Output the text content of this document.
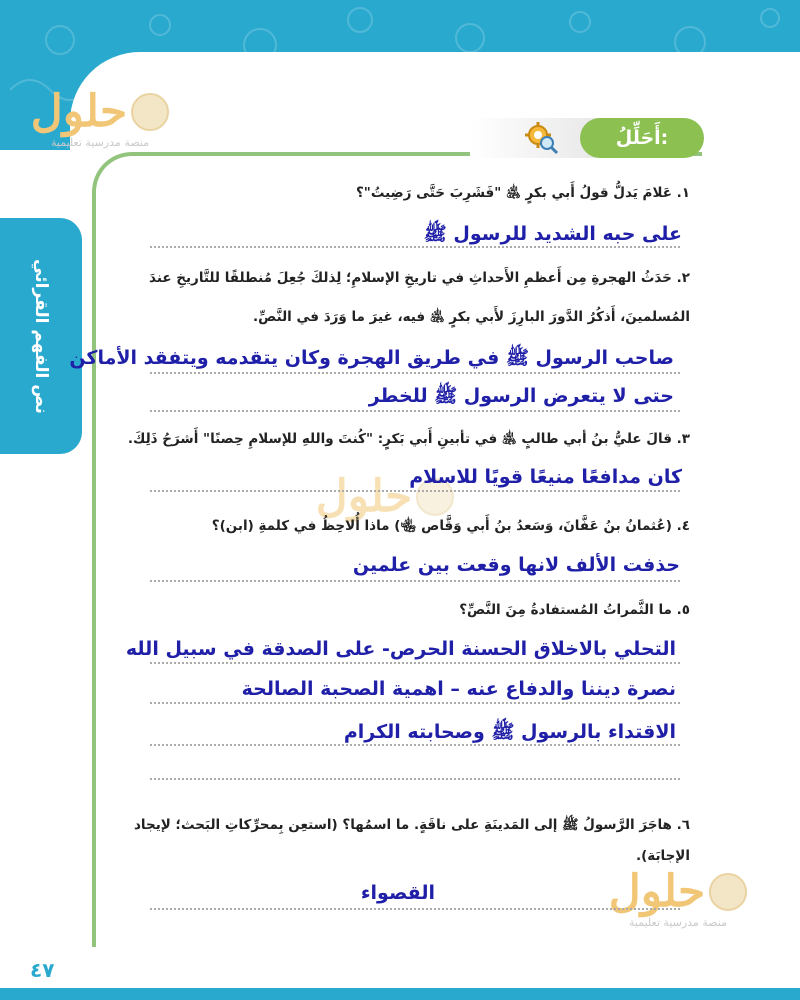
حلول
منصة مدرسية تعليمية
حلول
حلول
منصة مدرسية تعليمية
نص الفهم القرائي
أَحَلِّلُ:
١. عَلامَ يَدلُّ قولُ أَبي بكرٍ ﵁ "فَشَرِبَ حَتَّى رَضِيتُ"؟
على حبه الشديد للرسول ﷺ
٢. حَدَثُ الهجرةِ مِن أَعظمِ الأَحداثِ في تاريخِ الإسلامِ؛ لِذلكَ جُعِلَ مُنطلقًا للتَّاريخِ عندَ
المُسلمينَ، أَذكُرُ الدَّورَ البارِزَ لأَبي بكرٍ ﵁ فيه، غيرَ ما وَرَدَ في النَّصِّ.
صاحب الرسول ﷺ في طريق الهجرة وكان يتقدمه ويتفقد الأماكن
حتى لا يتعرض الرسول ﷺ للخطر
٣. قالَ عليُّ بنُ أبي طالبٍ ﵁ في تأبينِ أَبي بَكرٍ: "كُنتَ واللهِ للإسلامِ حِصنًا" أَشرَحُ ذَلِكَ.
كان مدافعًا منيعًا قويًا للاسلام
٤. (عُثمانُ بنُ عَفَّانَ، وَسَعدُ بنُ أَبي وَقَّاص ﵄) ماذا أُلاحِظُ في كلمةِ (ابن)؟
حذفت الألف لانها وقعت بين علمين
٥. ما الثَّمراتُ المُستفادةُ مِنَ النَّصِّ؟
التحلي بالاخلاق الحسنة الحرص- على الصدقة في سبيل الله
نصرة ديننا والدفاع عنه – اهمية الصحبة الصالحة
الاقتداء بالرسول ﷺ وصحابته الكرام
٦. هاجَرَ الرَّسولُ ﷺ إلى المَدينَةِ على ناقَةٍ. ما اسمُها؟ (استعِن بِمحرِّكاتِ البَحث؛ لإيجاد
الإجابَة).
القصواء
٤٧
